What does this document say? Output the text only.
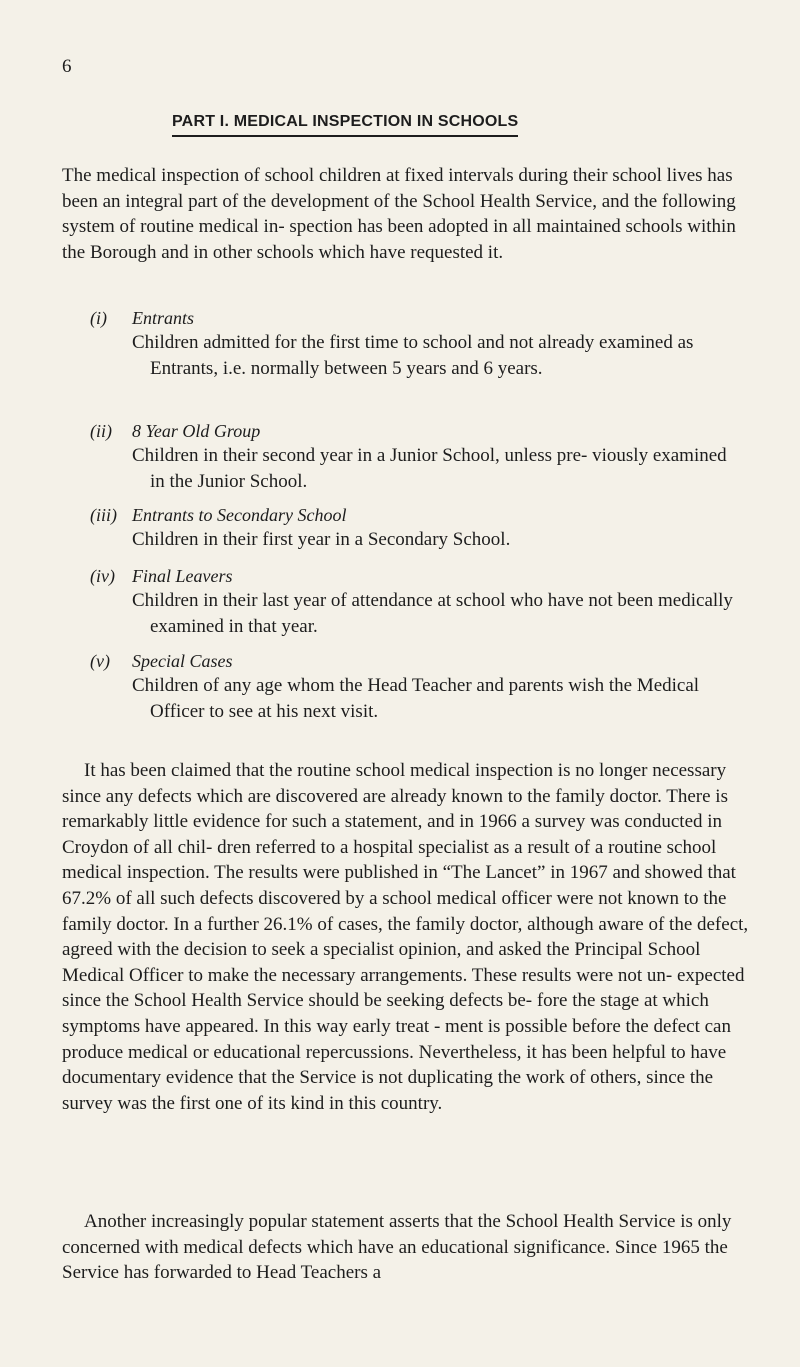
6
PART I. MEDICAL INSPECTION IN SCHOOLS

The medical inspection of school children at fixed intervals during their school lives has been an integral part of the development of the School Health Service, and the following system of routine medical in- spection has been adopted in all maintained schools within the Borough and in other schools which have requested it.

(i) Entrants
Children admitted for the first time to school and not already examined as Entrants, i.e. normally between 5 years and 6 years.
(ii) 8 Year Old Group
Children in their second year in a Junior School, unless pre- viously examined in the Junior School.
(iii) Entrants to Secondary School
Children in their first year in a Secondary School.
(iv) Final Leavers
Children in their last year of attendance at school who have not been medically examined in that year.
(v) Special Cases
Children of any age whom the Head Teacher and parents wish the Medical Officer to see at his next visit.

It has been claimed that the routine school medical inspection is no longer necessary since any defects which are discovered are already known to the family doctor. There is remarkably little evidence for such a statement, and in 1966 a survey was conducted in Croydon of all chil- dren referred to a hospital specialist as a result of a routine school medical inspection. The results were published in “The Lancet” in 1967 and showed that 67.2% of all such defects discovered by a school medical officer were not known to the family doctor. In a further 26.1% of cases, the family doctor, although aware of the defect, agreed with the decision to seek a specialist opinion, and asked the Principal School Medical Officer to make the necessary arrangements. These results were not un- expected since the School Health Service should be seeking defects be- fore the stage at which symptoms have appeared. In this way early treat - ment is possible before the defect can produce medical or educational repercussions. Nevertheless, it has been helpful to have documentary evidence that the Service is not duplicating the work of others, since the survey was the first one of its kind in this country.

Another increasingly popular statement asserts that the School Health Service is only concerned with medical defects which have an educational significance. Since 1965 the Service has forwarded to Head Teachers a
